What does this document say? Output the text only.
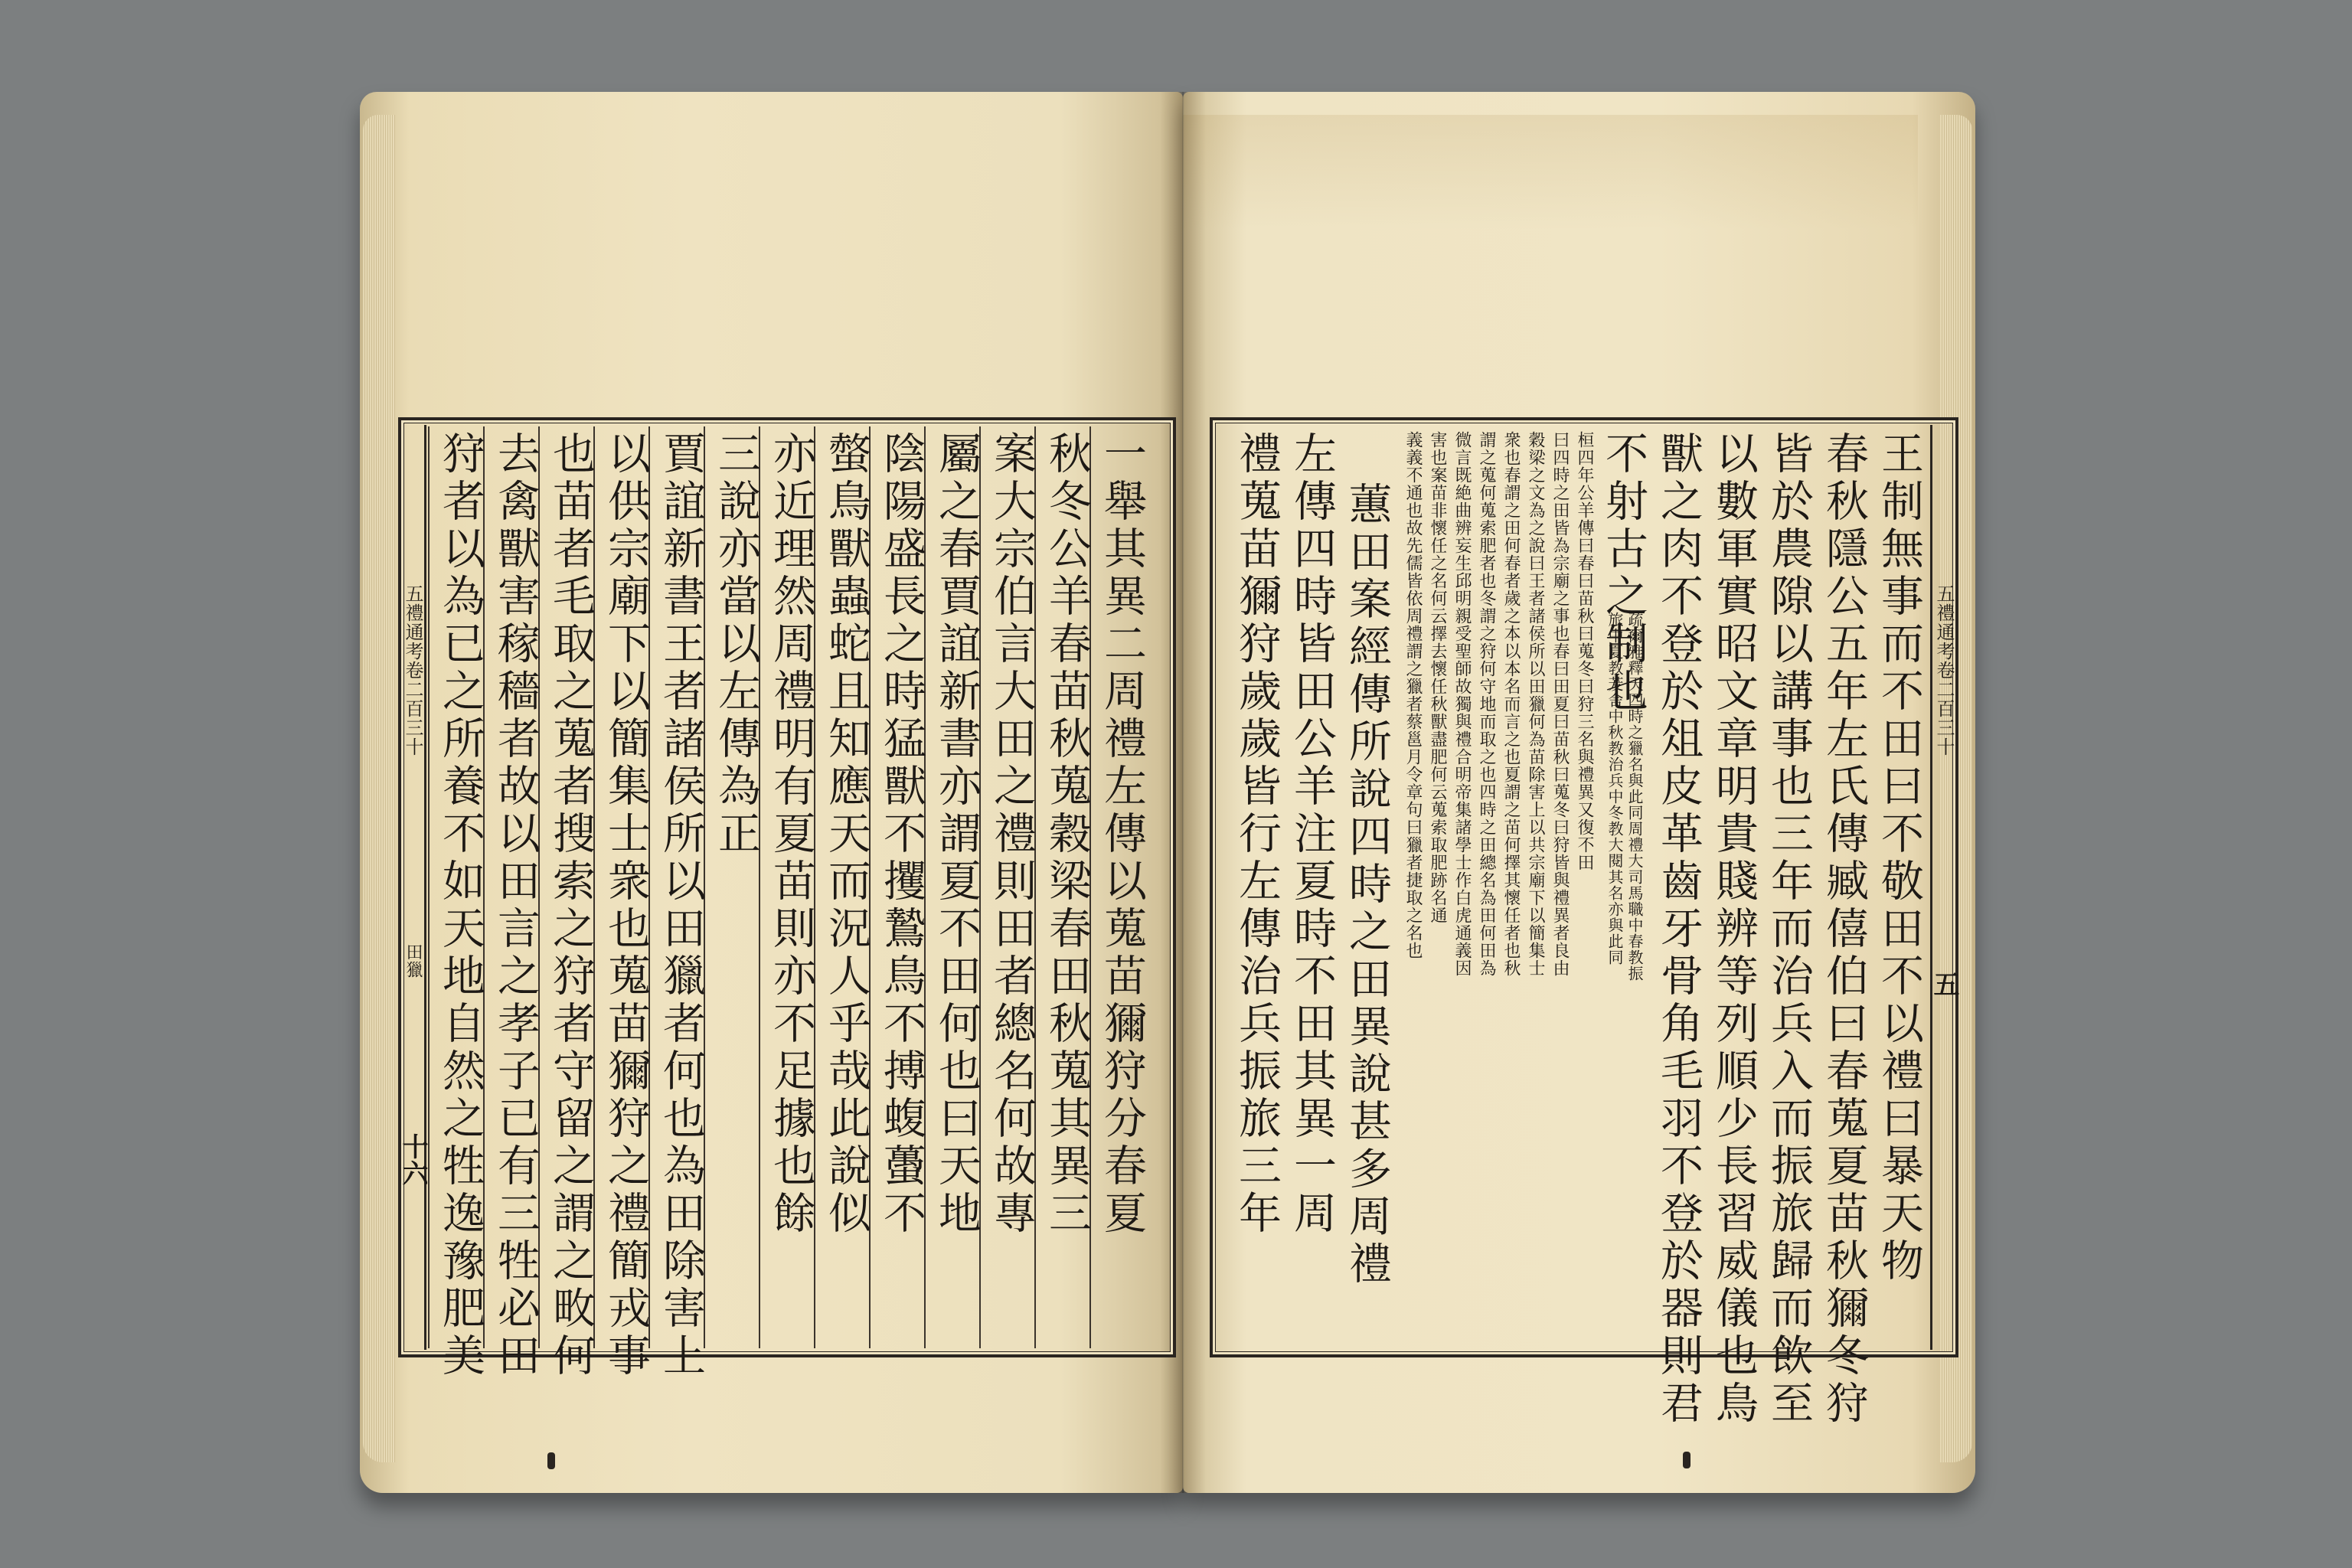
五禮通考卷二百三十
田獵
十六	一舉其異二周禮左傳以蒐苗獮狩分春夏
秋冬公羊春苗秋蒐穀梁春田秋蒐其異三
案大宗伯言大田之禮則田者總名何故專
屬之春賈誼新書亦謂夏不田何也曰天地
陰陽盛長之時猛獸不攫鷙鳥不搏蝮蠆不
螫鳥獸蟲蛇且知應天而況人乎哉此說似
亦近理然周禮明有夏苗則亦不足據也餘
三說亦當以左傳為正
賈誼新書王者諸侯所以田獵者何也為田除害上
以供宗廟下以簡集士衆也蒐苗獮狩之禮簡戎事
也苗者毛取之蒐者搜索之狩者守留之謂之畋何
去禽獸害稼穡者故以田言之孝子已有三牲必田
狩者以為已之所養不如天地自然之牲逸豫肥美	五禮通考卷二百三十
五
王制無事而不田曰不敬田不以禮曰暴天物
春秋隱公五年左氏傳臧僖伯曰春蒐夏苗秋獮冬狩
皆於農隙以講事也三年而治兵入而振旅歸而飲至
以數軍實昭文章明貴賤辨等列順少長習威儀也鳥
獸之肉不登於俎皮革齒牙骨角毛羽不登於器則君
不射古之制也
疏爾雅釋天四時之獵名與此同周禮大司馬職中春教振
旅中夏教茇舍中秋教治兵中冬教大閱其名亦與此同
桓四年公羊傳曰春曰苗秋曰蒐冬曰狩三名與禮異又復不田
曰四時之田皆為宗廟之事也春曰田夏曰苗秋曰蒐冬曰狩皆與禮異者良由
穀梁之文為之說曰王者諸侯所以田獵何為苗除害上以共宗廟下以簡集士
衆也春謂之田何春者歲之本以本名而言之也夏謂之苗何擇其懷任者也秋
謂之蒐何蒐索肥者也冬謂之狩何守地而取之也四時之田總名為田何田為
微言既絶曲辨妄生邱明親受聖師故獨與禮合明帝集諸學士作白虎通義因
害也案苗非懷任之名何云擇去懷任秋獸盡肥何云蒐索取肥跡名通
義義不通也故先儒皆依周禮謂之獵者蔡邕月令章句曰獵者捷取之名也
蕙田案經傳所說四時之田異說甚多周禮
左傳四時皆田公羊注夏時不田其異一周
禮蒐苗獮狩歲歲皆行左傳治兵振旅三年
